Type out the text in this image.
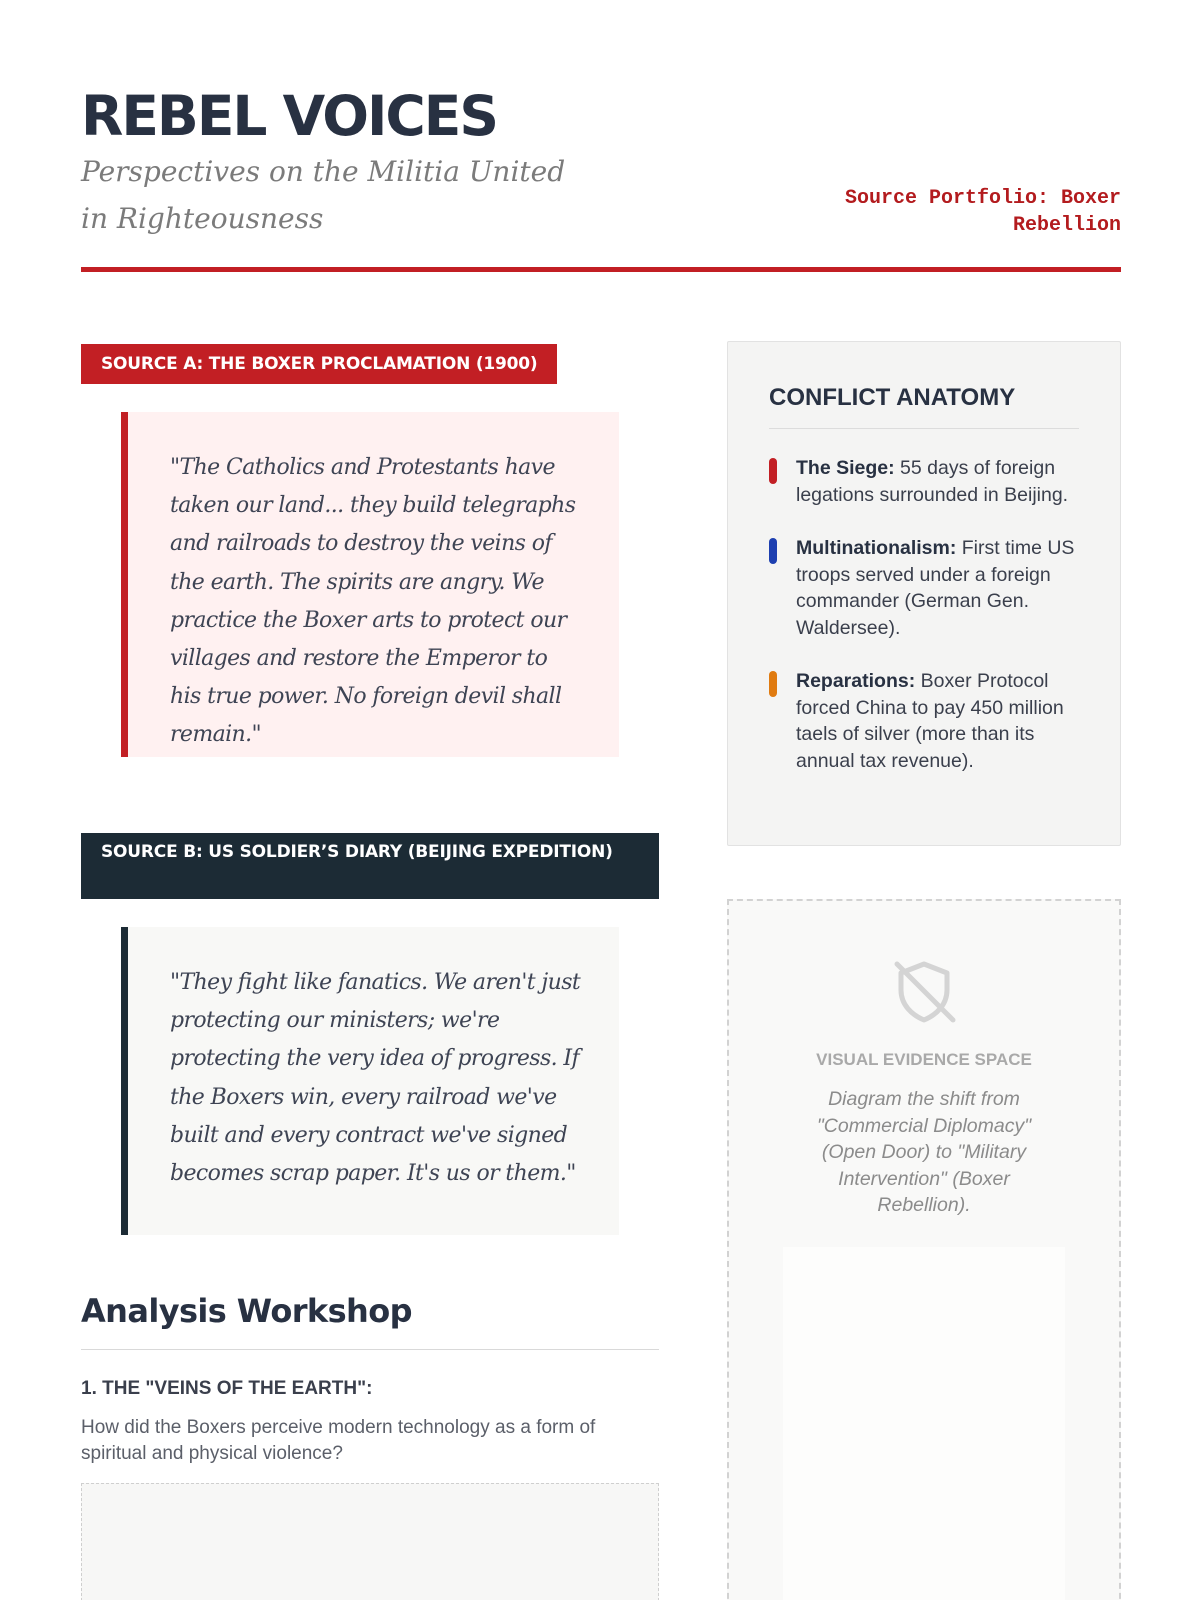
REBEL VOICES

Perspectives on the Militia United in Righteousness

Source Portfolio: Boxer Rebellion
SOURCE A: THE BOXER PROCLAMATION (1900)
"The Catholics and Protestants have taken our land... they build telegraphs and railroads to destroy the veins of the earth. The spirits are angry. We practice the Boxer arts to protect our villages and restore the Emperor to his true power. No foreign devil shall remain."
SOURCE B: US SOLDIER’S DIARY (BEIJING EXPEDITION)
"They fight like fanatics. We aren't just protecting our ministers; we're protecting the very idea of progress. If the Boxers win, every railroad we've built and every contract we've signed becomes scrap paper. It's us or them."
Analysis Workshop
1. THE "VEINS OF THE EARTH":

How did the Boxers perceive modern technology as a form of spiritual and physical violence?

CONFLICT ANATOMY
The Siege: 55 days of foreign legations surrounded in Beijing.
Multinationalism: First time US troops served under a foreign commander (German Gen. Waldersee).
Reparations: Boxer Protocol forced China to pay 450 million taels of silver (more than its annual tax revenue).
VISUAL EVIDENCE SPACE

Diagram the shift from "Commercial Diplomacy" (Open Door) to "Military Intervention" (Boxer Rebellion).
